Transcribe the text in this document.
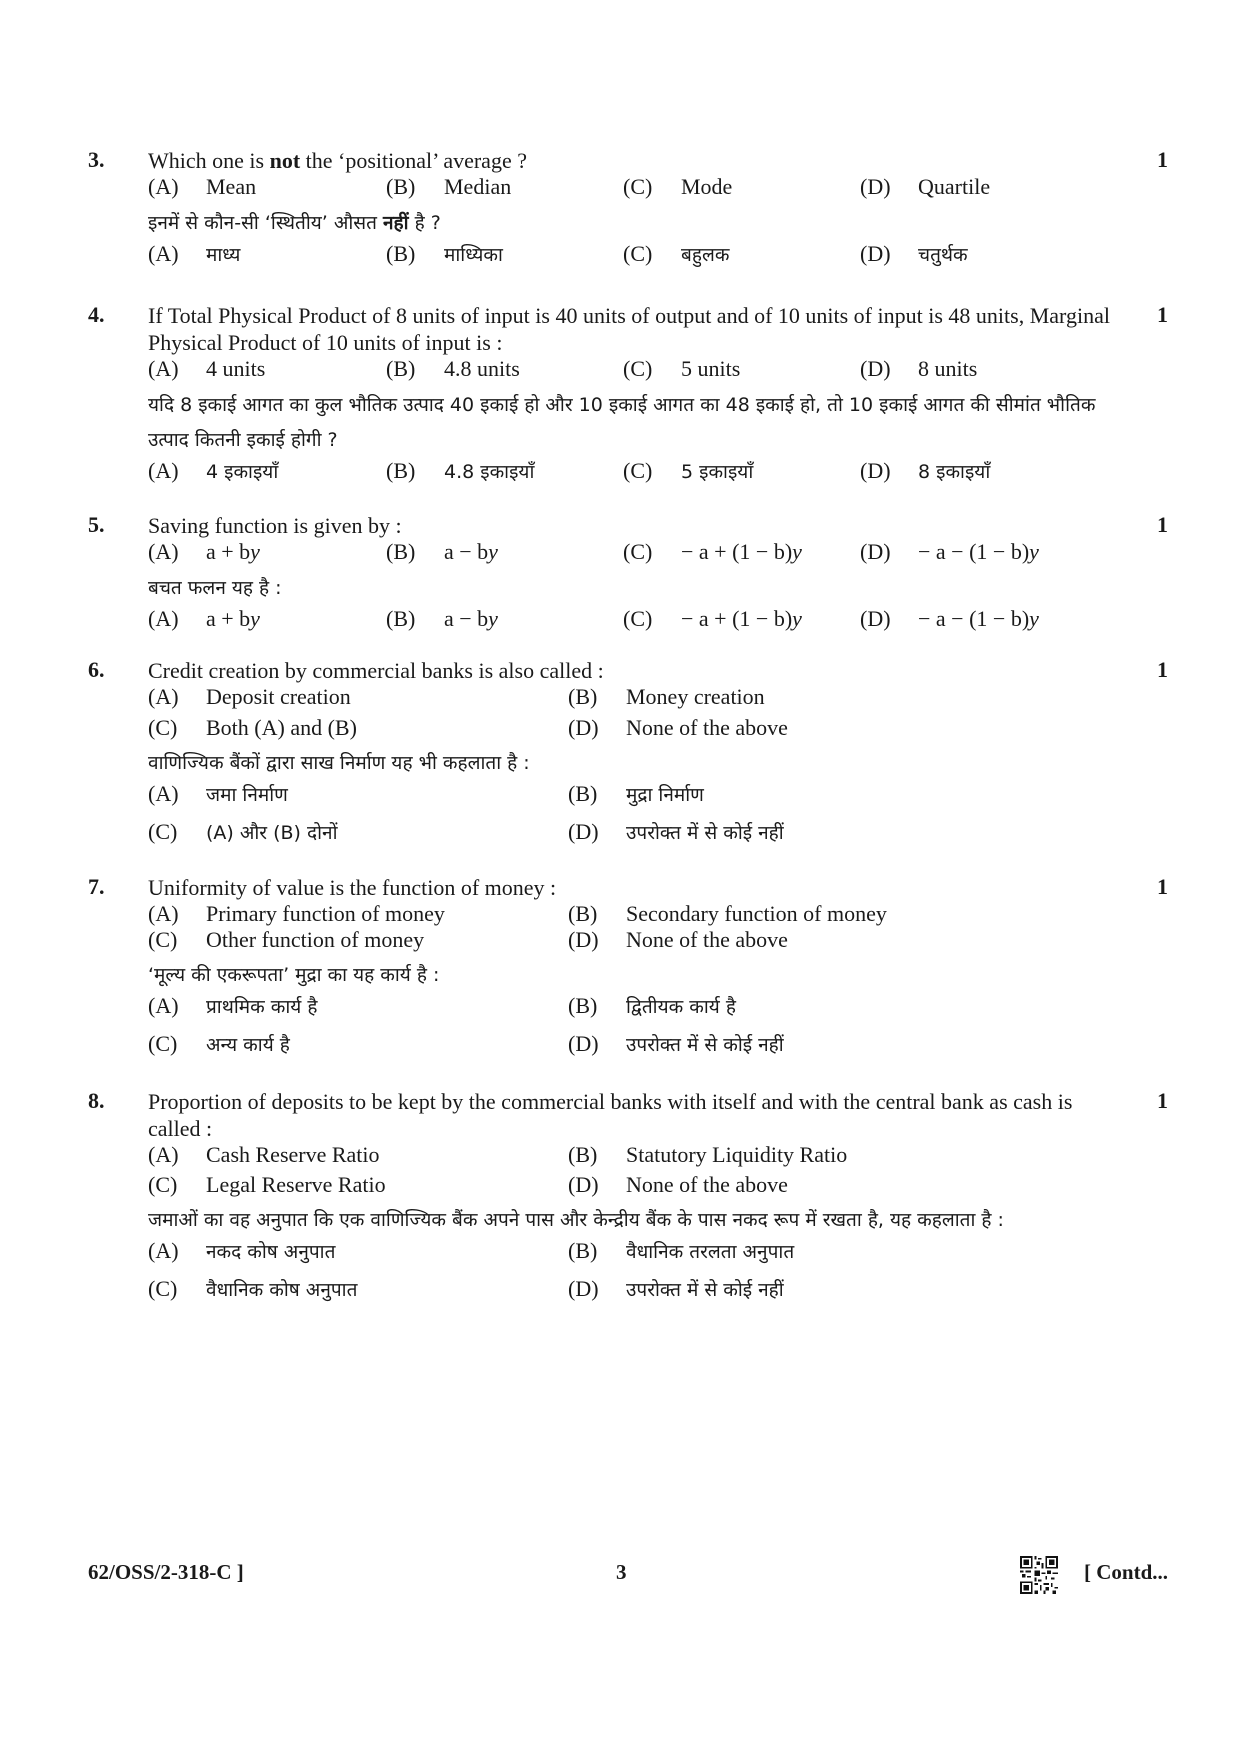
3.	1
Which one is not the ‘positional’ average ?
(A) Mean	(B) Median	(C) Mode	(D) Quartile
इनमें से कौन-सी ‘स्थितीय’ औसत नहीं है ?
(A) माध्य	(B) माध्यिका	(C) बहुलक	(D) चतुर्थक
4.	1
If Total Physical Product of 8 units of input is 40 units of output and of 10 units of input is 48 units, Marginal Physical Product of 10 units of input is :
(A) 4 units	(B) 4.8 units	(C) 5 units	(D) 8 units
यदि 8 इकाई आगत का कुल भौतिक उत्पाद 40 इकाई हो और 10 इकाई आगत का 48 इकाई हो, तो 10 इकाई आगत की सीमांत भौतिक उत्पाद कितनी इकाई होगी ?
(A) 4 इकाइयाँ	(B) 4.8 इकाइयाँ	(C) 5 इकाइयाँ	(D) 8 इकाइयाँ
5.	1
Saving function is given by :
(A) a + by	(B) a − by	(C) − a + (1 − b)y	(D) − a − (1 − b)y
बचत फलन यह है :
(A) a + by	(B) a − by	(C) − a + (1 − b)y	(D) − a − (1 − b)y
6.	1
Credit creation by commercial banks is also called :
(A) Deposit creation	(B) Money creation
(C) Both (A) and (B)	(D) None of the above
वाणिज्यिक बैंकों द्वारा साख निर्माण यह भी कहलाता है :
(A) जमा निर्माण	(B) मुद्रा निर्माण
(C) (A) और (B) दोनों	(D) उपरोक्त में से कोई नहीं
7.	1
Uniformity of value is the function of money :
(A) Primary function of money	(B) Secondary function of money
(C) Other function of money	(D) None of the above
‘मूल्य की एकरूपता’ मुद्रा का यह कार्य है :
(A) प्राथमिक कार्य है	(B) द्वितीयक कार्य है
(C) अन्य कार्य है	(D) उपरोक्त में से कोई नहीं
8.	1
Proportion of deposits to be kept by the commercial banks with itself and with the central bank as cash is called :
(A) Cash Reserve Ratio	(B) Statutory Liquidity Ratio
(C) Legal Reserve Ratio	(D) None of the above
जमाओं का वह अनुपात कि एक वाणिज्यिक बैंक अपने पास और केन्द्रीय बैंक के पास नकद रूप में रखता है, यह कहलाता है :
(A) नकद कोष अनुपात	(B) वैधानिक तरलता अनुपात
(C) वैधानिक कोष अनुपात	(D) उपरोक्त में से कोई नहीं
62/OSS/2-318-C ]	3	[ Contd...
